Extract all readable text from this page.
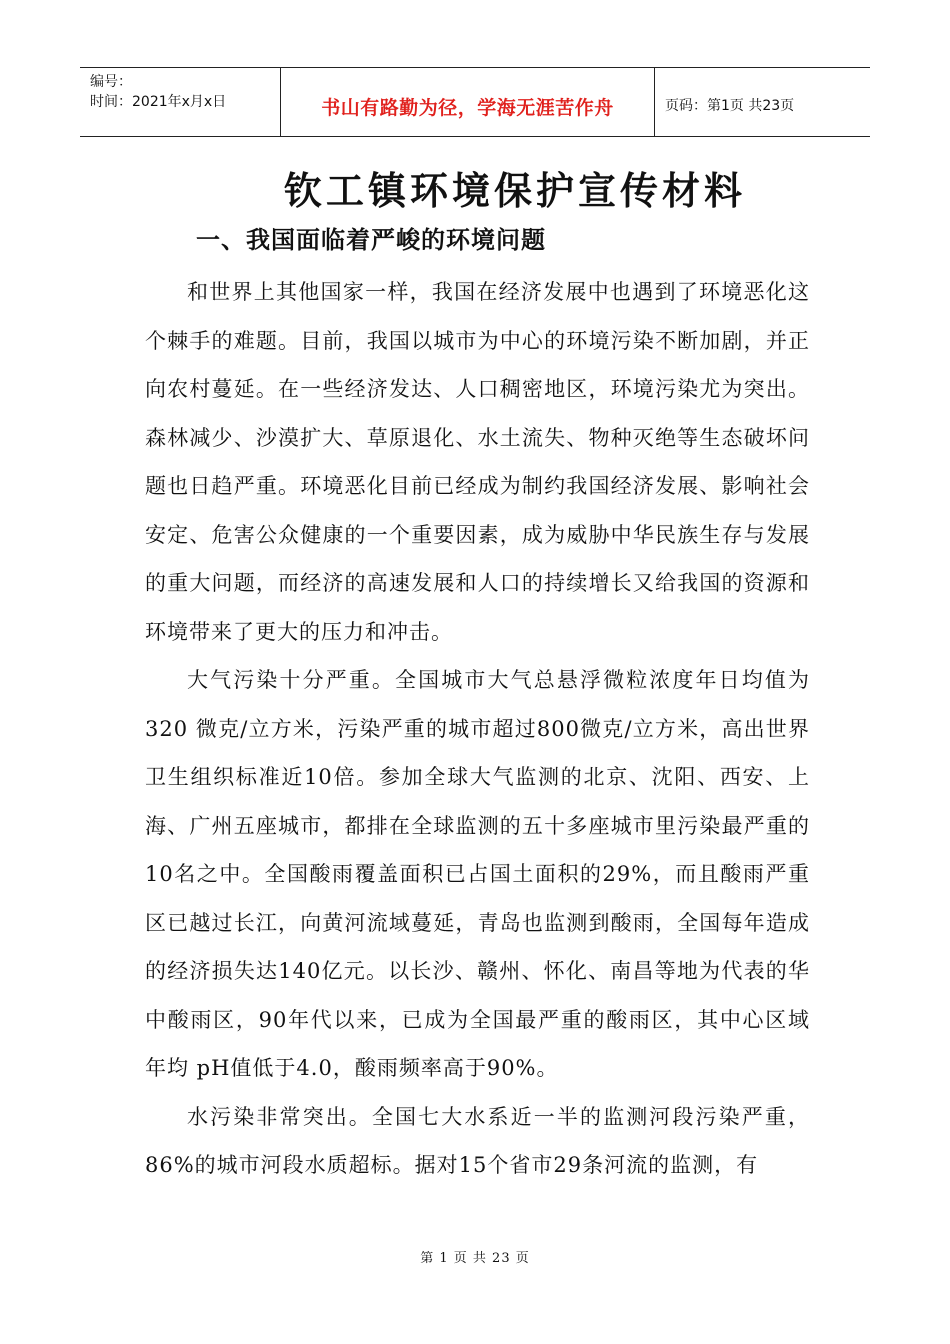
编号：
时间：2021年x月x日	书山有路勤为径，学海无涯苦作舟	页码：第1页 共23页
钦工镇环境保护宣传材料
一、我国面临着严峻的环境问题

和世界上其他国家一样，我国在经济发展中也遇到了环境恶化这个棘手的难题。目前，我国以城市为中心的环境污染不断加剧，并正向农村蔓延。在一些经济发达、人口稠密地区，环境污染尤为突出。森林减少、沙漠扩大、草原退化、水土流失、物种灭绝等生态破坏问题也日趋严重。环境恶化目前已经成为制约我国经济发展、影响社会安定、危害公众健康的一个重要因素，成为威胁中华民族生存与发展的重大问题，而经济的高速发展和人口的持续增长又给我国的资源和环境带来了更大的压力和冲击。

大气污染十分严重。全国城市大气总悬浮微粒浓度年日均值为320 微克/立方米，污染严重的城市超过800微克/立方米，高出世界卫生组织标准近10倍。参加全球大气监测的北京、沈阳、西安、上海、广州五座城市，都排在全球监测的五十多座城市里污染最严重的10名之中。全国酸雨覆盖面积已占国土面积的29%，而且酸雨严重区已越过长江，向黄河流域蔓延，青岛也监测到酸雨，全国每年造成的经济损失达140亿元。以长沙、赣州、怀化、南昌等地为代表的华中酸雨区，90年代以来，已成为全国最严重的酸雨区，其中心区域年均 pH值低于4.0，酸雨频率高于90%。

水污染非常突出。全国七大水系近一半的监测河段污染严重，86%的城市河段水质超标。据对15个省市29条河流的监测，有

第 1 页 共 23 页
